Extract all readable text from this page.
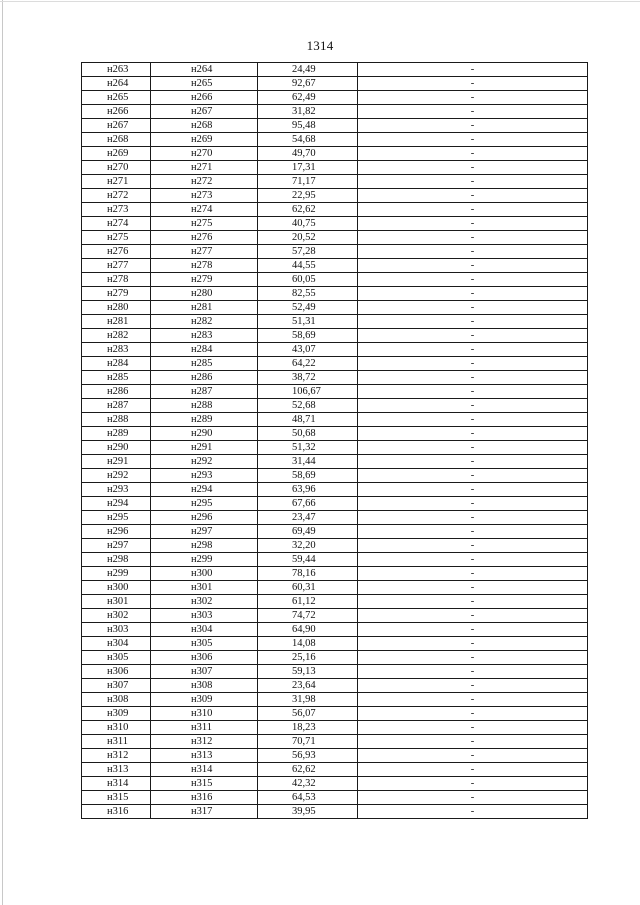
1314
н263	н264	24,49	-
н264	н265	92,67	-
н265	н266	62,49	-
н266	н267	31,82	-
н267	н268	95,48	-
н268	н269	54,68	-
н269	н270	49,70	-
н270	н271	17,31	-
н271	н272	71,17	-
н272	н273	22,95	-
н273	н274	62,62	-
н274	н275	40,75	-
н275	н276	20,52	-
н276	н277	57,28	-
н277	н278	44,55	-
н278	н279	60,05	-
н279	н280	82,55	-
н280	н281	52,49	-
н281	н282	51,31	-
н282	н283	58,69	-
н283	н284	43,07	-
н284	н285	64,22	-
н285	н286	38,72	-
н286	н287	106,67	-
н287	н288	52,68	-
н288	н289	48,71	-
н289	н290	50,68	-
н290	н291	51,32	-
н291	н292	31,44	-
н292	н293	58,69	-
н293	н294	63,96	-
н294	н295	67,66	-
н295	н296	23,47	-
н296	н297	69,49	-
н297	н298	32,20	-
н298	н299	59,44	-
н299	н300	78,16	-
н300	н301	60,31	-
н301	н302	61,12	-
н302	н303	74,72	-
н303	н304	64,90	-
н304	н305	14,08	-
н305	н306	25,16	-
н306	н307	59,13	-
н307	н308	23,64	-
н308	н309	31,98	-
н309	н310	56,07	-
н310	н311	18,23	-
н311	н312	70,71	-
н312	н313	56,93	-
н313	н314	62,62	-
н314	н315	42,32	-
н315	н316	64,53	-
н316	н317	39,95	-
